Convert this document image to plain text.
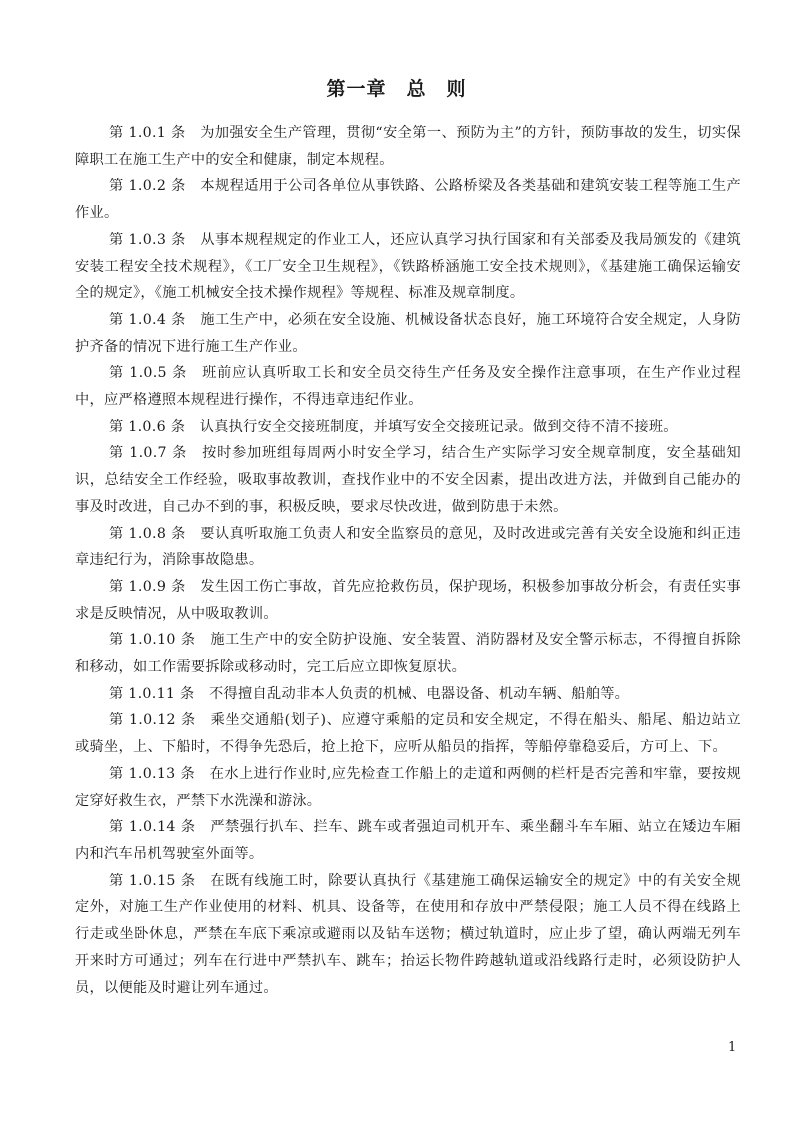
第一章　总　则

第 1.0.1 条　 为加强安全生产管理，贯彻“安全第一、预防为主”的方针，预防事故的发生，切实保障职工在施工生产中的安全和健康，制定本规程。

第 1.0.2 条　 本规程适用于公司各单位从事铁路、公路桥梁及各类基础和建筑安装工程等施工生产作业。

第 1.0.3 条　 从事本规程规定的作业工人，还应认真学习执行国家和有关部委及我局颁发的《建筑安装工程安全技术规程》，《工厂安全卫生规程》，《铁路桥涵施工安全技术规则》，《基建施工确保运输安全的规定》，《施工机械安全技术操作规程》等规程、标准及规章制度。

第 1.0.4 条　 施工生产中，必须在安全设施、机械设备状态良好，施工环境符合安全规定，人身防护齐备的情况下进行施工生产作业。

第 1.0.5 条　 班前应认真听取工长和安全员交待生产任务及安全操作注意事项，在生产作业过程中，应严格遵照本规程进行操作，不得违章违纪作业。

第 1.0.6 条　 认真执行安全交接班制度，并填写安全交接班记录。做到交待不清不接班。

第 1.0.7 条　 按时参加班组每周两小时安全学习，结合生产实际学习安全规章制度，安全基础知识，总结安全工作经验，吸取事故教训，查找作业中的不安全因素，提出改进方法，并做到自己能办的事及时改进，自己办不到的事，积极反映，要求尽快改进，做到防患于未然。

第 1.0.8 条　 要认真听取施工负责人和安全监察员的意见，及时改进或完善有关安全设施和纠正违章违纪行为，消除事故隐患。

第 1.0.9 条　 发生因工伤亡事故，首先应抢救伤员，保护现场，积极参加事故分析会，有责任实事求是反映情况，从中吸取教训。

第 1.0.10 条　 施工生产中的安全防护设施、安全装置、消防器材及安全警示标志，不得擅自拆除和移动，如工作需要拆除或移动时，完工后应立即恢复原状。

第 1.0.11 条　 不得擅自乱动非本人负责的机械、电器设备、机动车辆、船舶等。

第 1.0.12 条　 乘坐交通船(划子)、应遵守乘船的定员和安全规定，不得在船头、船尾、船边站立或骑坐，上、下船时，不得争先恐后，抢上抢下，应听从船员的指挥，等船停靠稳妥后，方可上、下。

第 1.0.13 条　 在水上进行作业时,应先检查工作船上的走道和两侧的栏杆是否完善和牢靠，要按规定穿好救生衣，严禁下水洗澡和游泳。

第 1.0.14 条　 严禁强行扒车、拦车、跳车或者强迫司机开车、乘坐翻斗车车厢、站立在矮边车厢内和汽车吊机驾驶室外面等。

第 1.0.15 条　 在既有线施工时，除要认真执行《基建施工确保运输安全的规定》中的有关安全规定外，对施工生产作业使用的材料、机具、设备等，在使用和存放中严禁侵限；施工人员不得在线路上行走或坐卧休息，严禁在车底下乘凉或避雨以及钻车送物；横过轨道时，应止步了望，确认两端无列车开来时方可通过；列车在行进中严禁扒车、跳车；抬运长物件跨越轨道或沿线路行走时，必须设防护人员，以便能及时避让列车通过。

1
